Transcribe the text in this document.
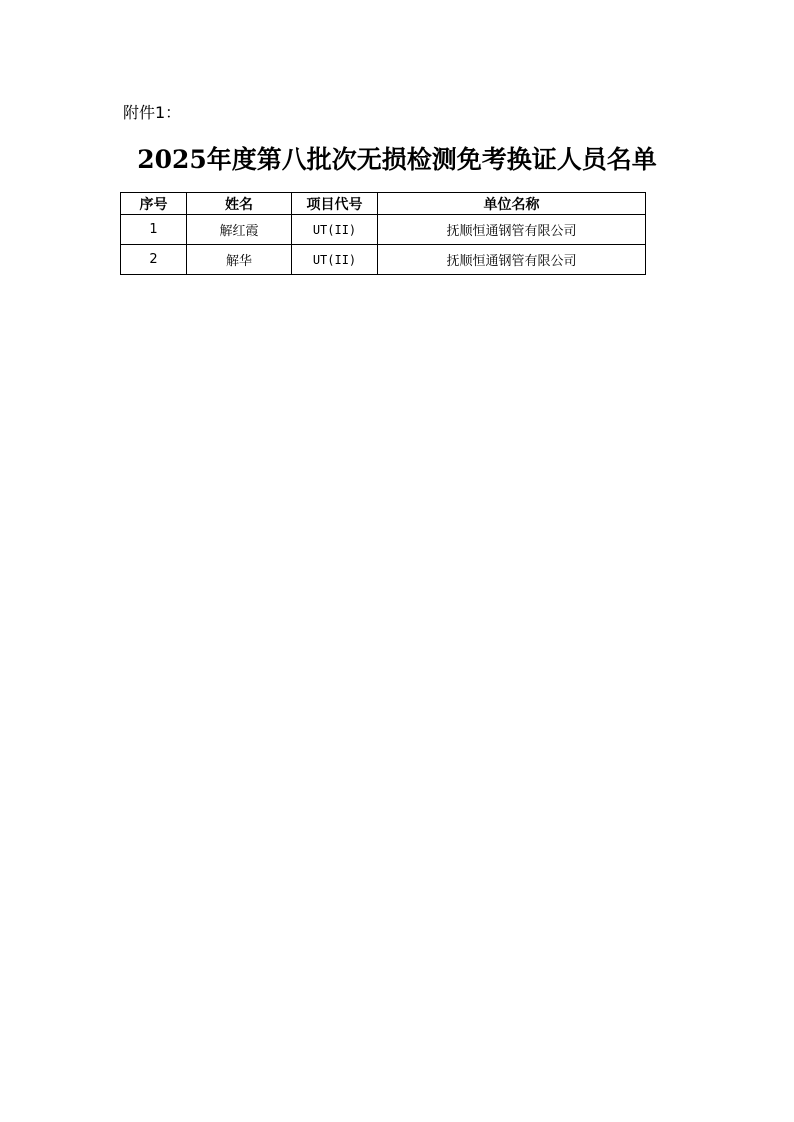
附件1：
2025年度第八批次无损检测免考换证人员名单
序号	姓名	项目代号	单位名称
1	解红霞	UT(II)	抚顺恒通钢管有限公司
2	解华	UT(II)	抚顺恒通钢管有限公司
